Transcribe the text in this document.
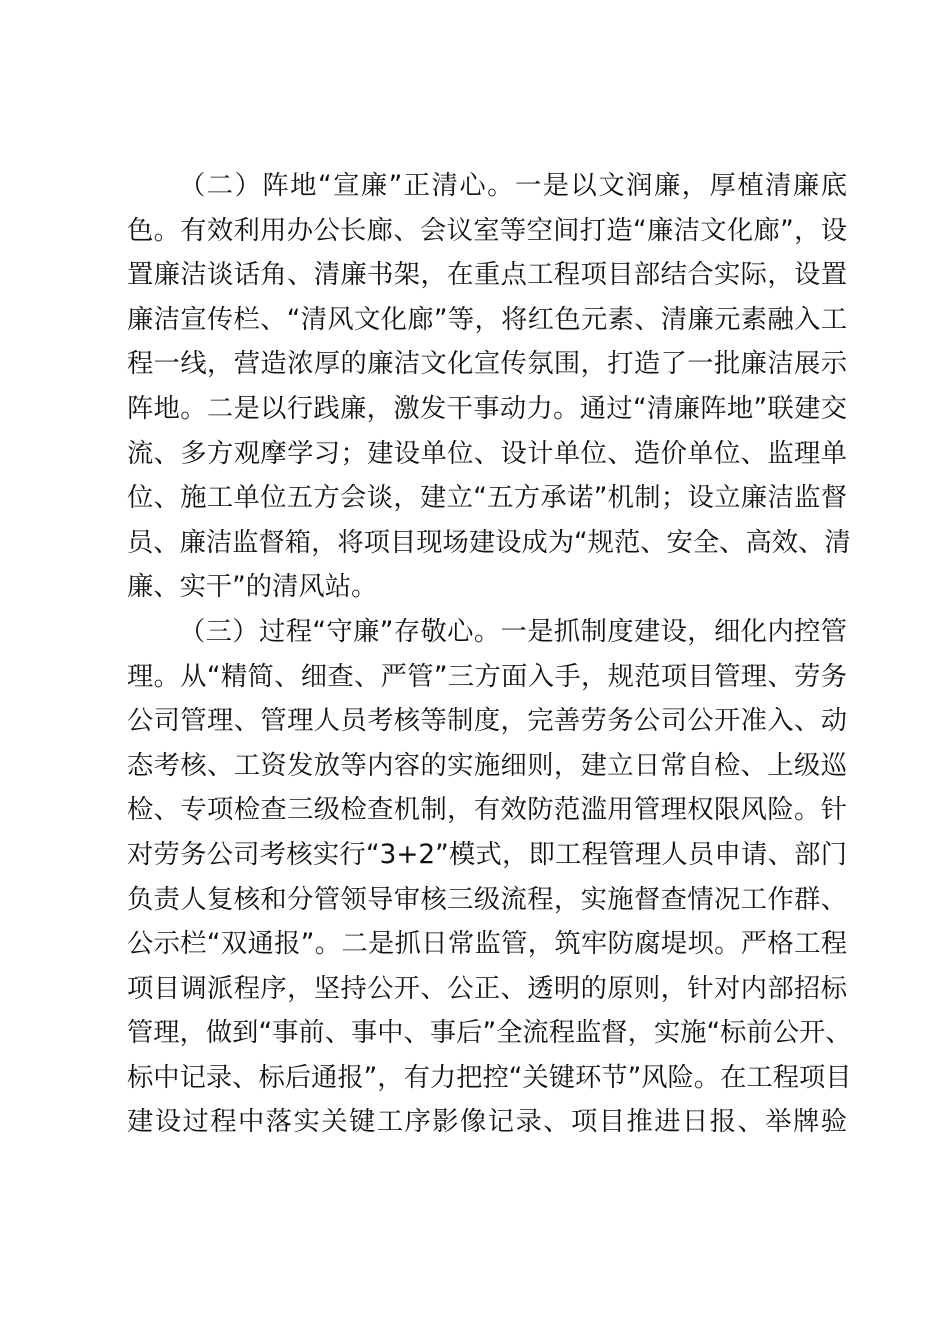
（二）阵地“宣廉”正清心。一是以文润廉，厚植清廉底
色。有效利用办公长廊、会议室等空间打造“廉洁文化廊”，设
置廉洁谈话角、清廉书架，在重点工程项目部结合实际，设置
廉洁宣传栏、“清风文化廊”等，将红色元素、清廉元素融入工
程一线，营造浓厚的廉洁文化宣传氛围，打造了一批廉洁展示
阵地。二是以行践廉，激发干事动力。通过“清廉阵地”联建交
流、多方观摩学习；建设单位、设计单位、造价单位、监理单
位、施工单位五方会谈，建立“五方承诺”机制；设立廉洁监督
员、廉洁监督箱，将项目现场建设成为“规范、安全、高效、清
廉、实干”的清风站。
（三）过程“守廉”存敬心。一是抓制度建设，细化内控管
理。从“精简、细查、严管”三方面入手，规范项目管理、劳务
公司管理、管理人员考核等制度，完善劳务公司公开准入、动
态考核、工资发放等内容的实施细则，建立日常自检、上级巡
检、专项检查三级检查机制，有效防范滥用管理权限风险。针
对劳务公司考核实行“3+2”模式，即工程管理人员申请、部门
负责人复核和分管领导审核三级流程，实施督查情况工作群、
公示栏“双通报”。二是抓日常监管，筑牢防腐堤坝。严格工程
项目调派程序，坚持公开、公正、透明的原则，针对内部招标
管理，做到“事前、事中、事后”全流程监督，实施“标前公开、
标中记录、标后通报”，有力把控“关键环节”风险。在工程项目
建设过程中落实关键工序影像记录、项目推进日报、举牌验
